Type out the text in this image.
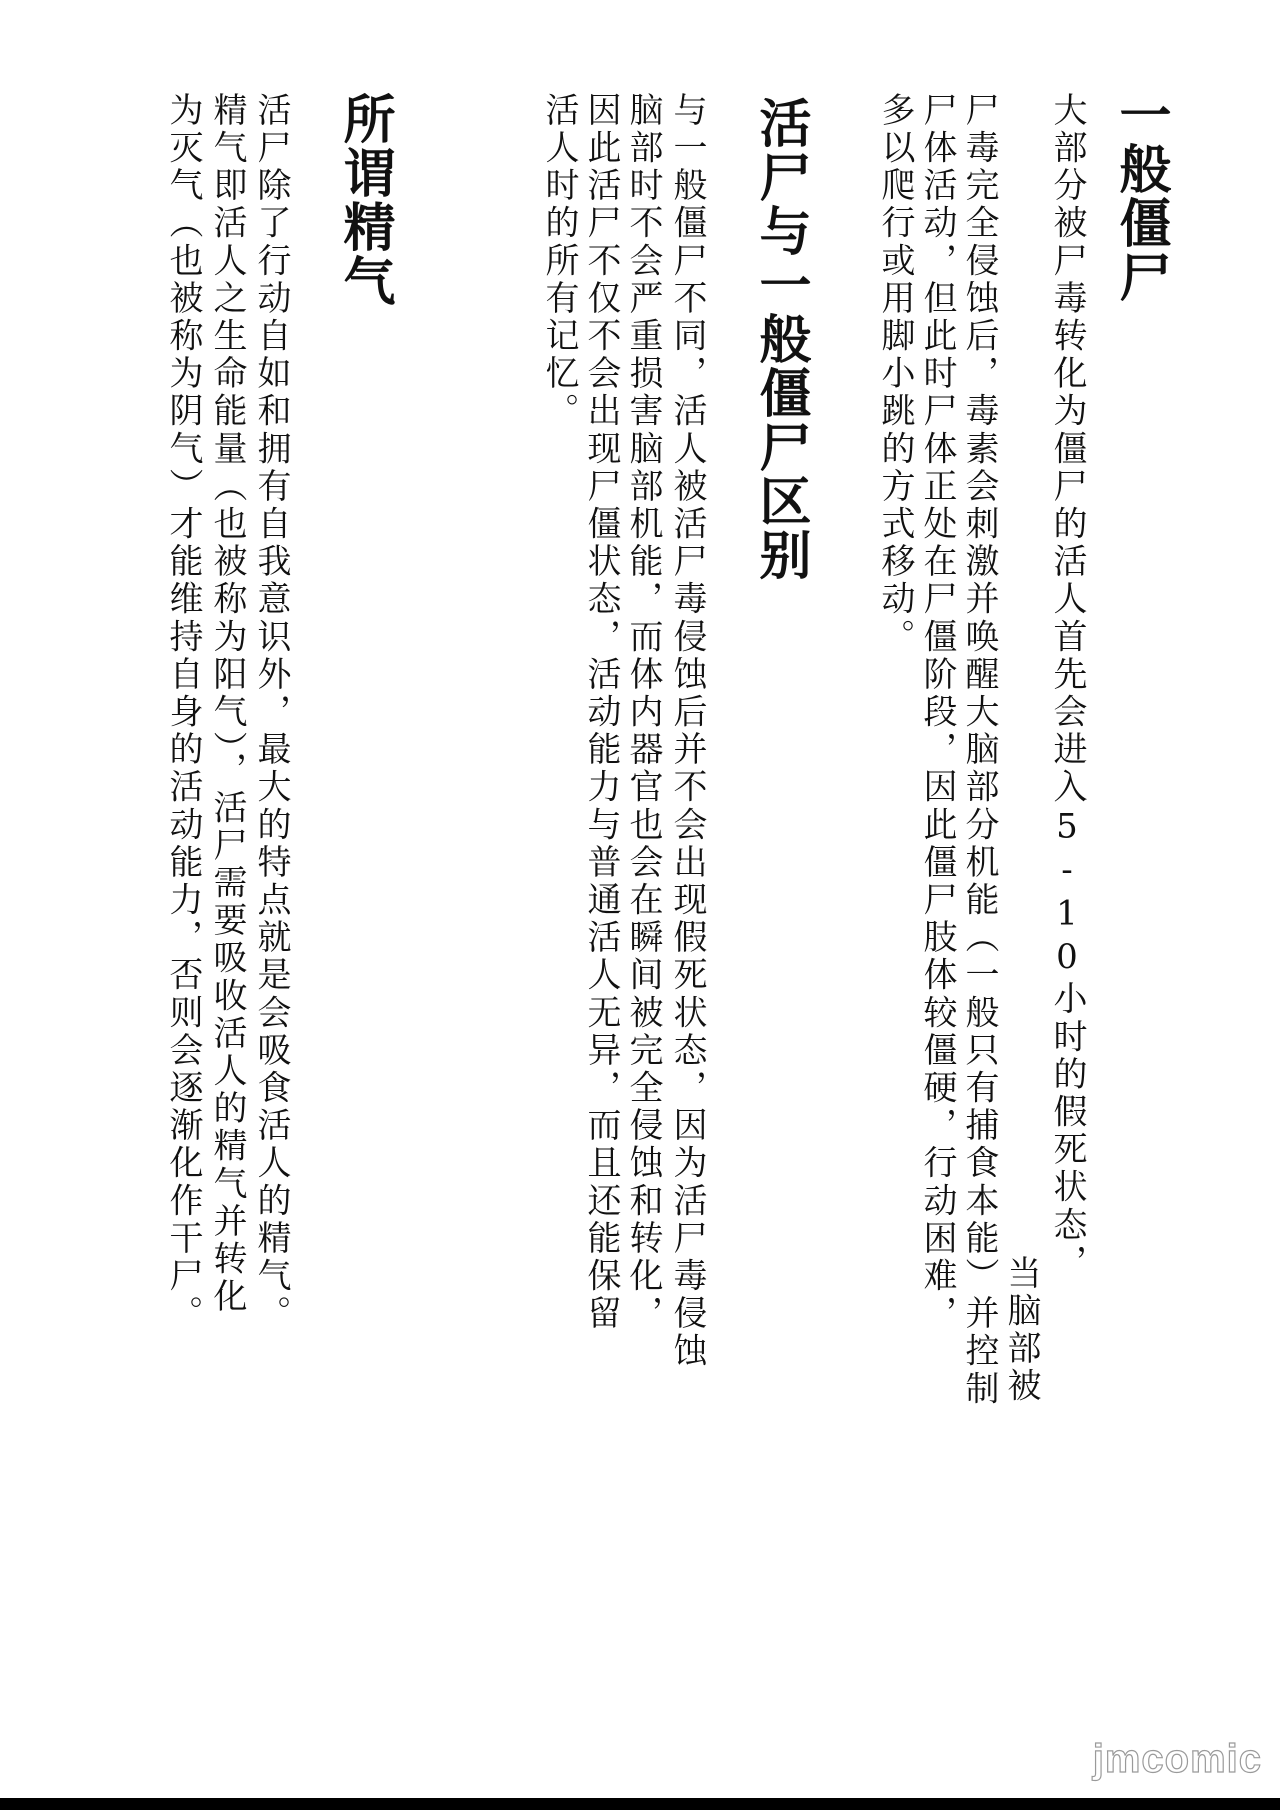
一般僵尸
大部分被尸毒转化为僵尸的活人首先会进入5-10小时的假死状态，
当脑部被
尸毒完全侵蚀后，毒素会刺激并唤醒大脑部分机能（一般只有捕食本能）并控制
尸体活动，但此时尸体正处在尸僵阶段，因此僵尸肢体较僵硬，行动困难，
多以爬行或用脚小跳的方式移动。
活尸与一般僵尸区别
与一般僵尸不同，活人被活尸毒侵蚀后并不会出现假死状态，因为活尸毒侵蚀
脑部时不会严重损害脑部机能，而体内器官也会在瞬间被完全侵蚀和转化，
因此活尸不仅不会出现尸僵状态，活动能力与普通活人无异，而且还能保留
活人时的所有记忆。
所谓精气
活尸除了行动自如和拥有自我意识外，最大的特点就是会吸食活人的精气。
精气即活人之生命能量（也被称为阳气），活尸需要吸收活人的精气并转化
为灭气（也被称为阴气）才能维持自身的活动能力，否则会逐渐化作干尸。
jmcomic
